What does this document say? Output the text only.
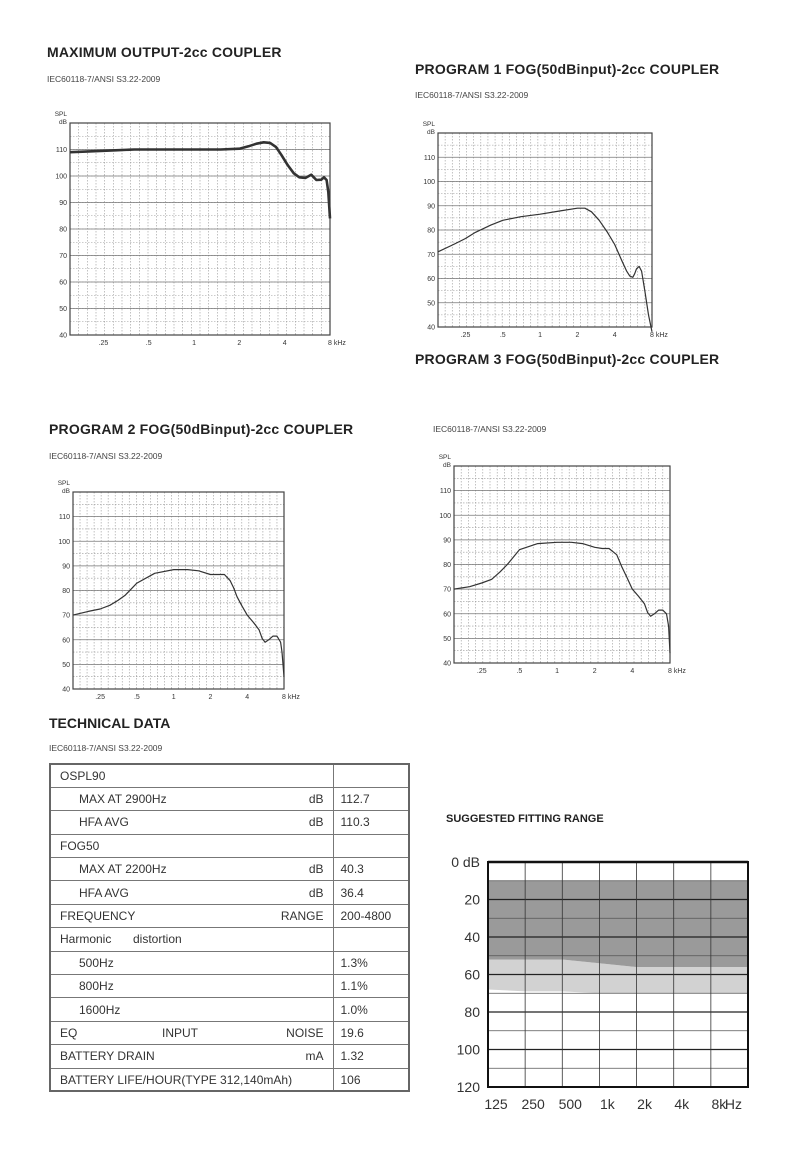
MAXIMUM OUTPUT-2cc COUPLER
IEC60118-7/ANSI S3.22-2009
110
100
90
80
70
60
50
40
SPL
dB
.25	.5	1	2	4	8 kHz
PROGRAM 1 FOG(50dBinput)-2cc COUPLER
IEC60118-7/ANSI S3.22-2009
110
100
90
80
70
60
50
40
SPL
dB
.25	.5	1	2	4	8 kHz
PROGRAM 3 FOG(50dBinput)-2cc COUPLER
PROGRAM 2 FOG(50dBinput)-2cc COUPLER
IEC60118-7/ANSI S3.22-2009
110
100
90
80
70
60
50
40
SPL
dB
.25	.5	1	2	4	8 kHz
IEC60118-7/ANSI S3.22-2009
110
100
90
80
70
60
50
40
SPL
dB
.25	.5	1	2	4	8 kHz
TECHNICAL DATA
IEC60118-7/ANSI S3.22-2009
OSPL90	

MAX AT 2900Hz dB	112.7

HFA AVG dB	110.3

FOG50	

MAX AT 2200Hz dB	40.3

HFA AVG dB	36.4

FREQUENCY RANGE	200-4800

Harmonic distortion	

500Hz	1.3%

800Hz	1.1%

1600Hz	1.0%

EQ INPUT NOISE	19.6

BATTERY DRAIN mA	1.32

BATTERY LIFE/HOUR(TYPE 312,140mAh)	106
SUGGESTED FITTING RANGE
0 dB
20
40
60
80
100
120
125 250 500 1k 2k 4k 8k
Hz
